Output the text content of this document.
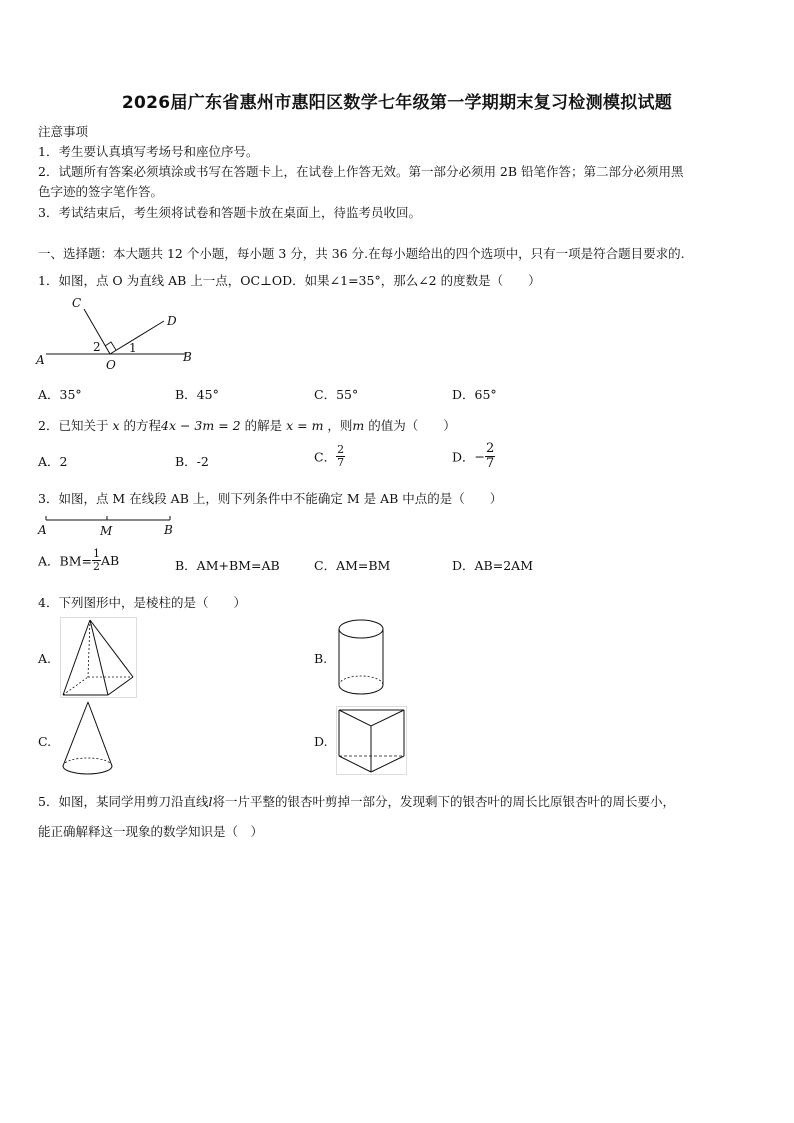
2026届广东省惠州市惠阳区数学七年级第一学期期末复习检测模拟试题
注意事项
1．考生要认真填写考场号和座位序号。
2．试题所有答案必须填涂或书写在答题卡上，在试卷上作答无效。第一部分必须用 2B 铅笔作答；第二部分必须用黑
色字迹的签字笔作答。
3．考试结束后，考生须将试卷和答题卡放在桌面上，待监考员收回。
一、选择题：本大题共 12 个小题，每小题 3 分，共 36 分.在每小题给出的四个选项中，只有一项是符合题目要求的.
1．如图，点 O 为直线 AB 上一点，OC⊥OD．如果∠1=35°，那么∠2 的度数是（　　）
A	B
C
D
O
1
2
A．35°	B．45°	C．55°	D．65°
2．已知关于 x 的方程4x − 3m = 2 的解是 x = m ，则m 的值为（　　）
A．2	B．-2	C． $\frac{2}{7}$	D．− $\frac{2}{7}$
3．如图，点 M 在线段 AB 上，则下列条件中不能确定 M 是 AB 中点的是（　　）
A	M	B
A．$BM= \frac{1}{2}$ AB	B．AM+BM=AB	C．AM=BM	D．AB=2AM
4．下列图形中，是棱柱的是（　　）
A.	B.
C.	D.
5．如图，某同学用剪刀沿直线l将一片平整的银杏叶剪掉一部分，发现剩下的银杏叶的周长比原银杏叶的周长要小，
能正确解释这一现象的数学知识是（　）
